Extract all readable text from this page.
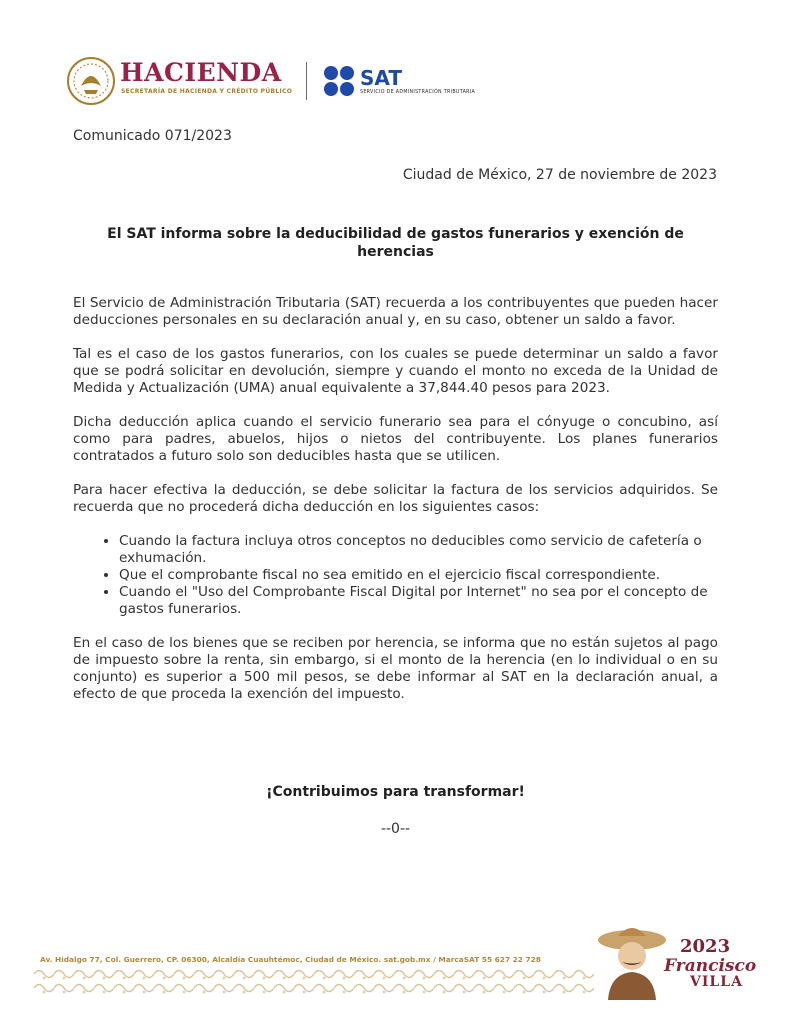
HACIENDA
SECRETARÍA DE HACIENDA Y CRÉDITO PÚBLICO
SAT
SERVICIO DE ADMINISTRACIÓN TRIBUTARIA
Comunicado 071/2023
Ciudad de México, 27 de noviembre de 2023
El SAT informa sobre la deducibilidad de gastos funerarios y exención de herencias

El Servicio de Administración Tributaria (SAT) recuerda a los contribuyentes que pueden hacer deducciones personales en su declaración anual y, en su caso, obtener un saldo a favor.

Tal es el caso de los gastos funerarios, con los cuales se puede determinar un saldo a favor que se podrá solicitar en devolución, siempre y cuando el monto no exceda de la Unidad de Medida y Actualización (UMA) anual equivalente a 37,844.40 pesos para 2023.

Dicha deducción aplica cuando el servicio funerario sea para el cónyuge o concubino, así como para padres, abuelos, hijos o nietos del contribuyente. Los planes funerarios contratados a futuro solo son deducibles hasta que se utilicen.

Para hacer efectiva la deducción, se debe solicitar la factura de los servicios adquiridos. Se recuerda que no procederá dicha deducción en los siguientes casos:

• Cuando la factura incluya otros conceptos no deducibles como servicio de cafetería o exhumación.
• Que el comprobante fiscal no sea emitido en el ejercicio fiscal correspondiente.
• Cuando el "Uso del Comprobante Fiscal Digital por Internet" no sea por el concepto de gastos funerarios.

En el caso de los bienes que se reciben por herencia, se informa que no están sujetos al pago de impuesto sobre la renta, sin embargo, si el monto de la herencia (en lo individual o en su conjunto) es superior a 500 mil pesos, se debe informar al SAT en la declaración anual, a efecto de que proceda la exención del impuesto.

¡Contribuimos para transformar!
--0--
Av. Hidalgo 77, Col. Guerrero, CP. 06300, Alcaldía Cuauhtémoc, Ciudad de México. sat.gob.mx / MarcaSAT 55 627 22 728
2023
Francisco
VILLA
